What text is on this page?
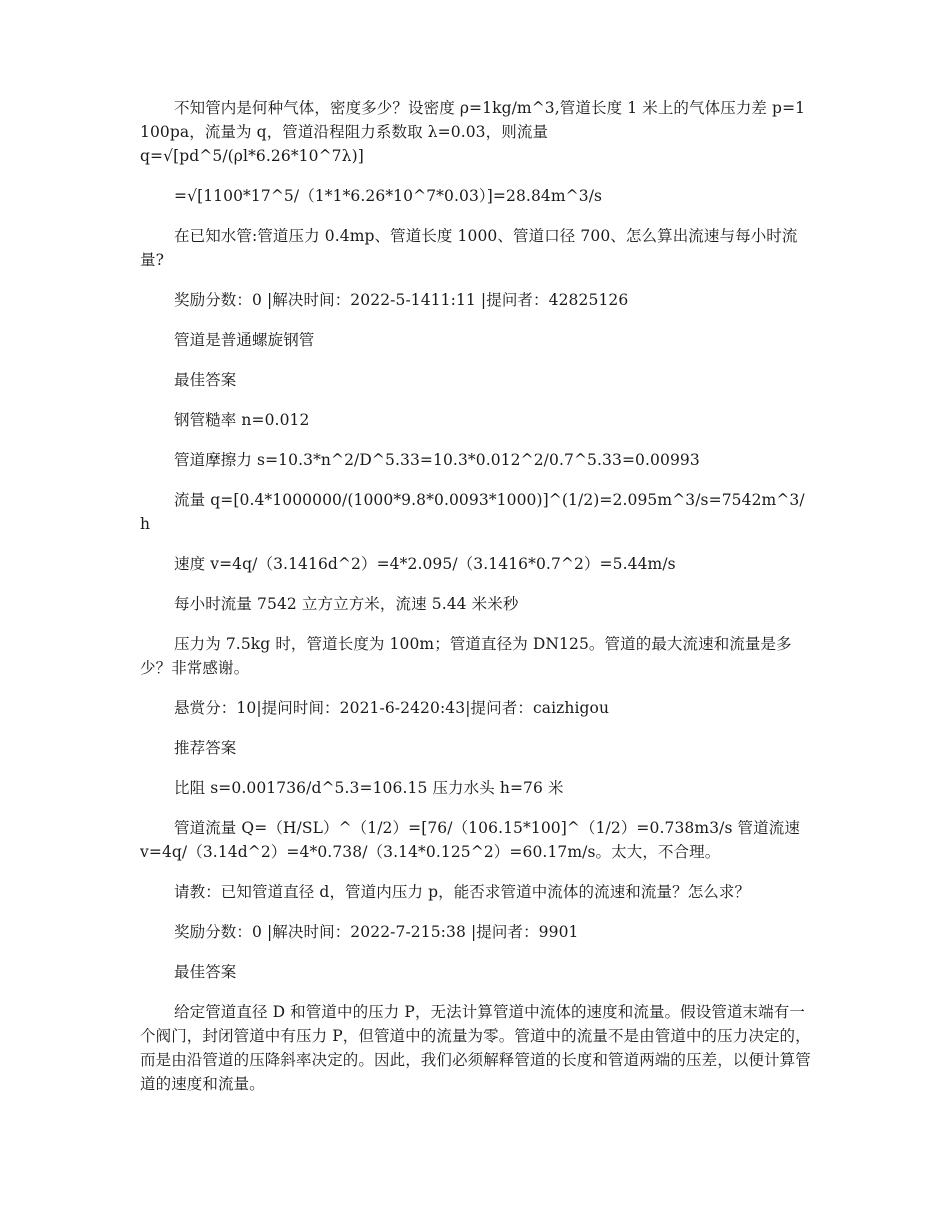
不知管内是何种气体，密度多少？设密度 ρ=1kg/m^3,管道长度 1 米上的气体压力差 p=1100pa，流量为 q，管道沿程阻力系数取 λ=0.03，则流量
q=√[pd^5/(ρl*6.26*10^7λ)]

=√[1100*17^5/（1*1*6.26*10^7*0.03）]=28.84m^3/s

在已知水管:管道压力 0.4mp、管道长度 1000、管道口径 700、怎么算出流速与每小时流量?

奖励分数：0 |解决时间：2022-5-1411:11 |提问者：42825126

管道是普通螺旋钢管

最佳答案

钢管糙率 n=0.012

管道摩擦力 s=10.3*n^2/D^5.33=10.3*0.012^2/0.7^5.33=0.00993

流量 q=[0.4*1000000/(1000*9.8*0.0093*1000)]^(1/2)=2.095m^3/s=7542m^3/h

速度 v=4q/（3.1416d^2）=4*2.095/（3.1416*0.7^2）=5.44m/s

每小时流量 7542 立方立方米，流速 5.44 米米秒

压力为 7.5kg 时，管道长度为 100m；管道直径为 DN125。管道的最大流速和流量是多少？非常感谢。

悬赏分：10|提问时间：2021-6-2420:43|提问者：caizhigou

推荐答案

比阻 s=0.001736/d^5.3=106.15 压力水头 h=76 米

管道流量 Q=（H/SL）^（1/2）=[76/（106.15*100]^（1/2）=0.738m3/s 管道流速 v=4q/（3.14d^2）=4*0.738/（3.14*0.125^2）=60.17m/s。太大，不合理。

请教：已知管道直径 d，管道内压力 p，能否求管道中流体的流速和流量？怎么求？

奖励分数：0 |解决时间：2022-7-215:38 |提问者：9901

最佳答案

给定管道直径 D 和管道中的压力 P，无法计算管道中流体的速度和流量。假设管道末端有一个阀门，封闭管道中有压力 P，但管道中的流量为零。管道中的流量不是由管道中的压力决定的，而是由沿管道的压降斜率决定的。因此，我们必须解释管道的长度和管道两端的压差，以便计算管道的速度和流量。
